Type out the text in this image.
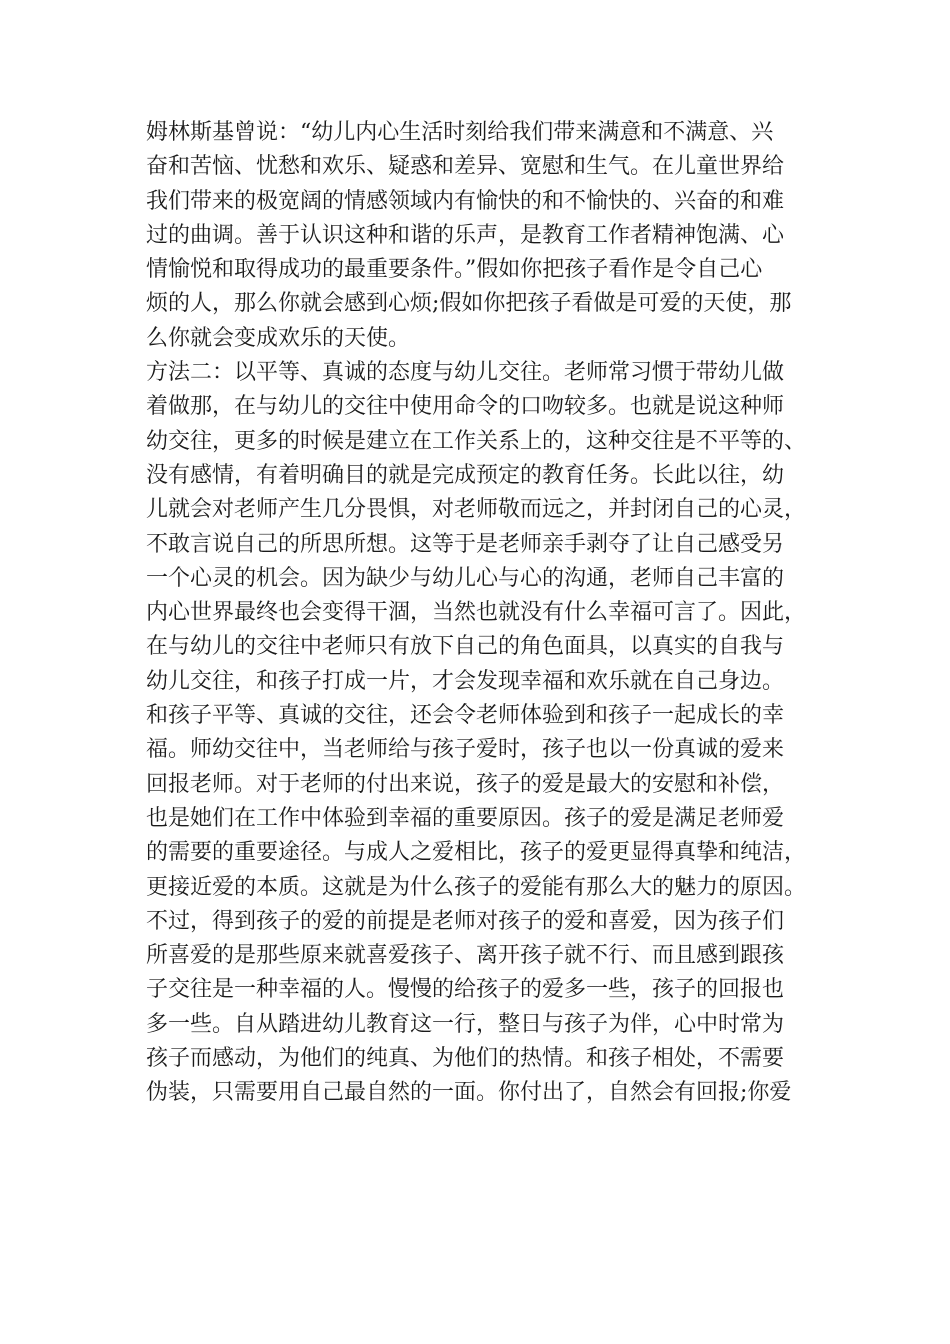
姆林斯基曾说：“幼儿内心生活时刻给我们带来满意和不满意、兴
奋和苦恼、忧愁和欢乐、疑惑和差异、宽慰和生气。在儿童世界给
我们带来的极宽阔的情感领域内有愉快的和不愉快的、兴奋的和难
过的曲调。善于认识这种和谐的乐声，是教育工作者精神饱满、心
情愉悦和取得成功的最重要条件。”假如你把孩子看作是令自己心
烦的人，那么你就会感到心烦;假如你把孩子看做是可爱的天使，那
么你就会变成欢乐的天使。
方法二：以平等、真诚的态度与幼儿交往。老师常习惯于带幼儿做
着做那，在与幼儿的交往中使用命令的口吻较多。也就是说这种师
幼交往，更多的时候是建立在工作关系上的，这种交往是不平等的、
没有感情，有着明确目的就是完成预定的教育任务。长此以往，幼
儿就会对老师产生几分畏惧，对老师敬而远之，并封闭自己的心灵，
不敢言说自己的所思所想。这等于是老师亲手剥夺了让自己感受另
一个心灵的机会。因为缺少与幼儿心与心的沟通，老师自己丰富的
内心世界最终也会变得干涸，当然也就没有什么幸福可言了。因此，
在与幼儿的交往中老师只有放下自己的角色面具，以真实的自我与
幼儿交往，和孩子打成一片，才会发现幸福和欢乐就在自己身边。
和孩子平等、真诚的交往，还会令老师体验到和孩子一起成长的幸
福。师幼交往中，当老师给与孩子爱时，孩子也以一份真诚的爱来
回报老师。对于老师的付出来说，孩子的爱是最大的安慰和补偿，
也是她们在工作中体验到幸福的重要原因。孩子的爱是满足老师爱
的需要的重要途径。与成人之爱相比，孩子的爱更显得真挚和纯洁，
更接近爱的本质。这就是为什么孩子的爱能有那么大的魅力的原因。
不过，得到孩子的爱的前提是老师对孩子的爱和喜爱，因为孩子们
所喜爱的是那些原来就喜爱孩子、离开孩子就不行、而且感到跟孩
子交往是一种幸福的人。慢慢的给孩子的爱多一些，孩子的回报也
多一些。自从踏进幼儿教育这一行，整日与孩子为伴，心中时常为
孩子而感动，为他们的纯真、为他们的热情。和孩子相处，不需要
伪装，只需要用自己最自然的一面。你付出了，自然会有回报;你爱
